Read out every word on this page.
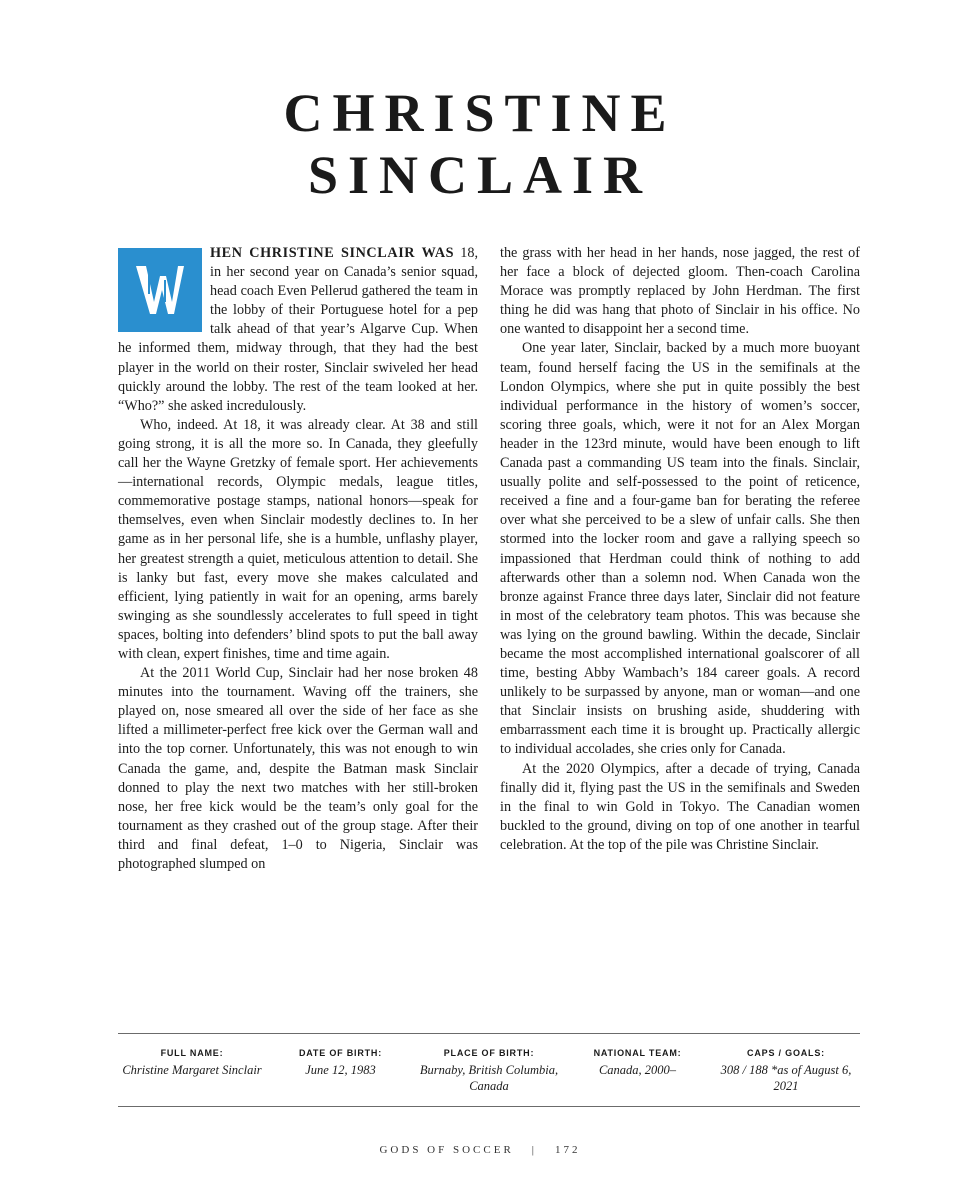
CHRISTINE
SINCLAIR

HEN CHRISTINE SINCLAIR WAS 18, in her second year on Canada’s senior squad, head coach Even Pellerud gathered the team in the lobby of their Portuguese hotel for a pep talk ahead of that year’s Algarve Cup. When he informed them, midway through, that they had the best player in the world on their roster, Sinclair swiveled her head quickly around the lobby. The rest of the team looked at her. “Who?” she asked incredulously.

Who, indeed. At 18, it was already clear. At 38 and still going strong, it is all the more so. In Canada, they gleefully call her the Wayne Gretzky of female sport. Her achievements—international records, Olympic medals, league titles, commemorative postage stamps, national honors—speak for themselves, even when Sinclair modestly declines to. In her game as in her personal life, she is a humble, unflashy player, her greatest strength a quiet, meticulous attention to detail. She is lanky but fast, every move she makes calculated and efficient, lying patiently in wait for an opening, arms barely swinging as she soundlessly accelerates to full speed in tight spaces, bolting into defenders’ blind spots to put the ball away with clean, expert finishes, time and time again.

At the 2011 World Cup, Sinclair had her nose broken 48 minutes into the tournament. Waving off the trainers, she played on, nose smeared all over the side of her face as she lifted a millimeter-perfect free kick over the German wall and into the top corner. Unfortunately, this was not enough to win Canada the game, and, despite the Batman mask Sinclair donned to play the next two matches with her still-broken nose, her free kick would be the team’s only goal for the tournament as they crashed out of the group stage. After their third and final defeat, 1–0 to Nigeria, Sinclair was photographed slumped on

the grass with her head in her hands, nose jagged, the rest of her face a block of dejected gloom. Then-coach Carolina Morace was promptly replaced by John Herdman. The first thing he did was hang that photo of Sinclair in his office. No one wanted to disappoint her a second time.

One year later, Sinclair, backed by a much more buoyant team, found herself facing the US in the semifinals at the London Olympics, where she put in quite possibly the best individual performance in the history of women’s soccer, scoring three goals, which, were it not for an Alex Morgan header in the 123rd minute, would have been enough to lift Canada past a commanding US team into the finals. Sinclair, usually polite and self-possessed to the point of reticence, received a fine and a four-game ban for berating the referee over what she perceived to be a slew of unfair calls. She then stormed into the locker room and gave a rallying speech so impassioned that Herdman could think of nothing to add afterwards other than a solemn nod. When Canada won the bronze against France three days later, Sinclair did not feature in most of the celebratory team photos. This was because she was lying on the ground bawling. Within the decade, Sinclair became the most accomplished international goalscorer of all time, besting Abby Wambach’s 184 career goals. A record unlikely to be surpassed by anyone, man or woman—and one that Sinclair insists on brushing aside, shuddering with embarrassment each time it is brought up. Practically allergic to individual accolades, she cries only for Canada.

At the 2020 Olympics, after a decade of trying, Canada finally did it, flying past the US in the semifinals and Sweden in the final to win Gold in Tokyo. The Canadian women buckled to the ground, diving on top of one another in tearful celebration. At the top of the pile was Christine Sinclair.

FULL NAME:
Christine Margaret Sinclair
DATE OF BIRTH:
June 12, 1983
PLACE OF BIRTH:
Burnaby, British Columbia, Canada
NATIONAL TEAM:
Canada, 2000–
CAPS / GOALS:
308 / 188 *as of August 6, 2021
GODS OF SOCCER | 172
